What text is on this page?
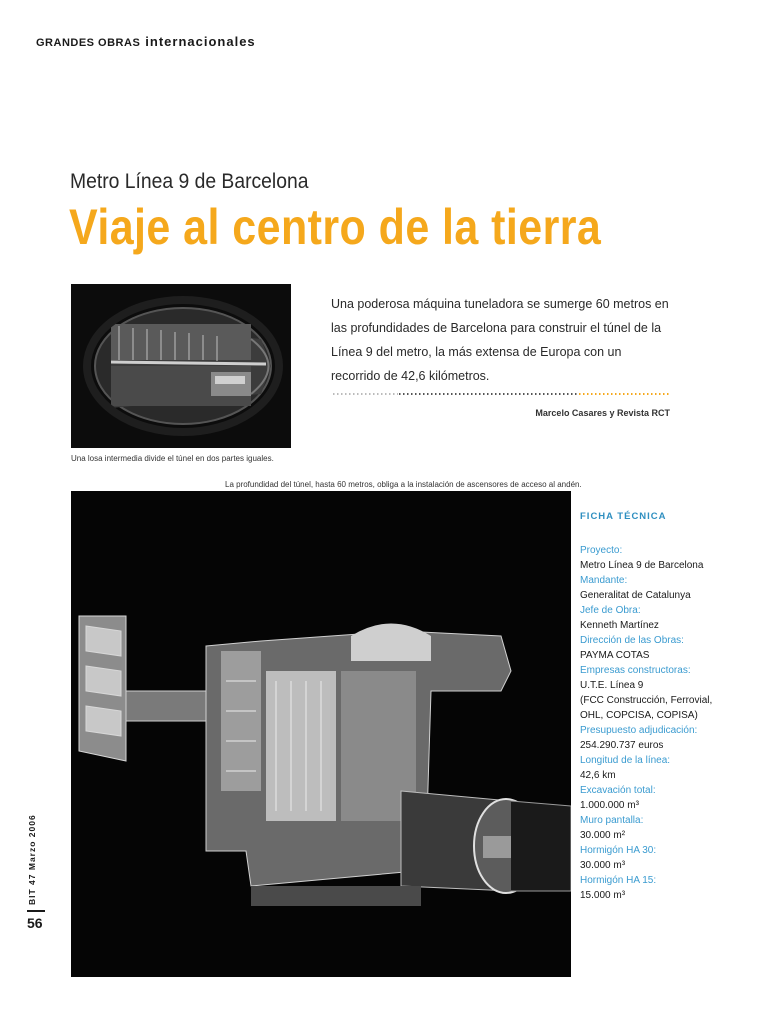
GRANDES OBRAS internacionales
Metro Línea 9 de Barcelona
Viaje al centro de la tierra
Una losa intermedia divide el túnel en dos partes iguales.
Una poderosa máquina tuneladora se sumerge 60 metros en las profundidades de Barcelona para construir el túnel de la Línea 9 del metro, la más extensa de Europa con un recorrido de 42,6 kilómetros.
Marcelo Casares y Revista RCT
La profundidad del túnel, hasta 60 metros, obliga a la instalación de ascensores de acceso al andén.
FICHA TÉCNICA
Proyecto:
Metro Línea 9 de Barcelona
Mandante:
Generalitat de Catalunya
Jefe de Obra:
Kenneth Martínez
Dirección de las Obras:
PAYMA COTAS
Empresas constructoras:
U.T.E. Línea 9
(FCC Construcción, Ferrovial,
OHL, COPCISA, COPISA)
Presupuesto adjudicación:
254.290.737 euros
Longitud de la línea:
42,6 km
Excavación total:
1.000.000 m³
Muro pantalla:
30.000 m²
Hormigón HA 30:
30.000 m³
Hormigón HA 15:
15.000 m³
BIT 47 Marzo 2006
56
